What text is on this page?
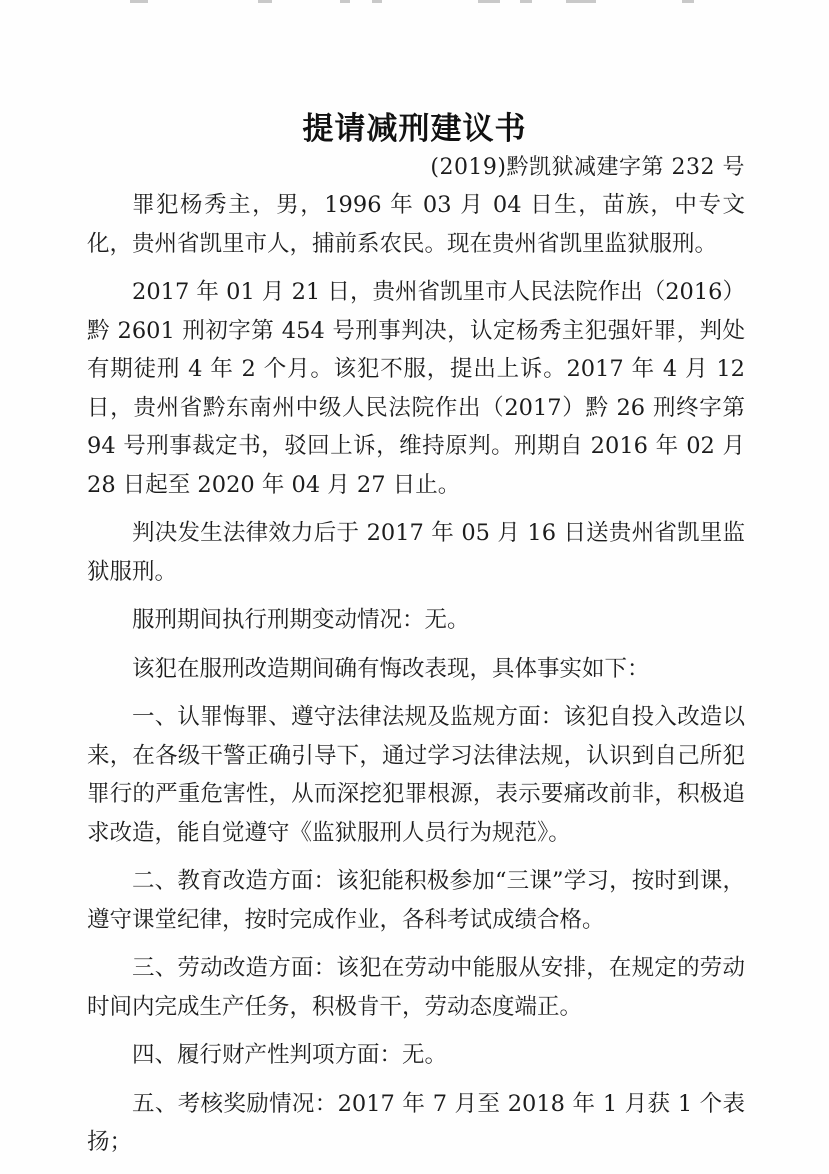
提请减刑建议书
(2019)黔凯狱减建字第 232 号

罪犯杨秀主，男，1996 年 03 月 04 日生，苗族，中专文化，贵州省凯里市人，捕前系农民。现在贵州省凯里监狱服刑。

2017 年 01 月 21 日，贵州省凯里市人民法院作出（2016）黔 2601 刑初字第 454 号刑事判决，认定杨秀主犯强奸罪，判处有期徒刑 4 年 2 个月。该犯不服，提出上诉。2017 年 4 月 12 日，贵州省黔东南州中级人民法院作出（2017）黔 26 刑终字第 94 号刑事裁定书，驳回上诉，维持原判。刑期自 2016 年 02 月 28 日起至 2020 年 04 月 27 日止。

判决发生法律效力后于 2017 年 05 月 16 日送贵州省凯里监狱服刑。

服刑期间执行刑期变动情况：无。

该犯在服刑改造期间确有悔改表现，具体事实如下：

一、认罪悔罪、遵守法律法规及监规方面：该犯自投入改造以来，在各级干警正确引导下，通过学习法律法规，认识到自己所犯罪行的严重危害性，从而深挖犯罪根源，表示要痛改前非，积极追求改造，能自觉遵守《监狱服刑人员行为规范》。

二、教育改造方面：该犯能积极参加“三课”学习，按时到课，遵守课堂纪律，按时完成作业，各科考试成绩合格。

三、劳动改造方面：该犯在劳动中能服从安排，在规定的劳动时间内完成生产任务，积极肯干，劳动态度端正。

四、履行财产性判项方面：无。

五、考核奖励情况：2017 年 7 月至 2018 年 1 月获 1 个表扬；
